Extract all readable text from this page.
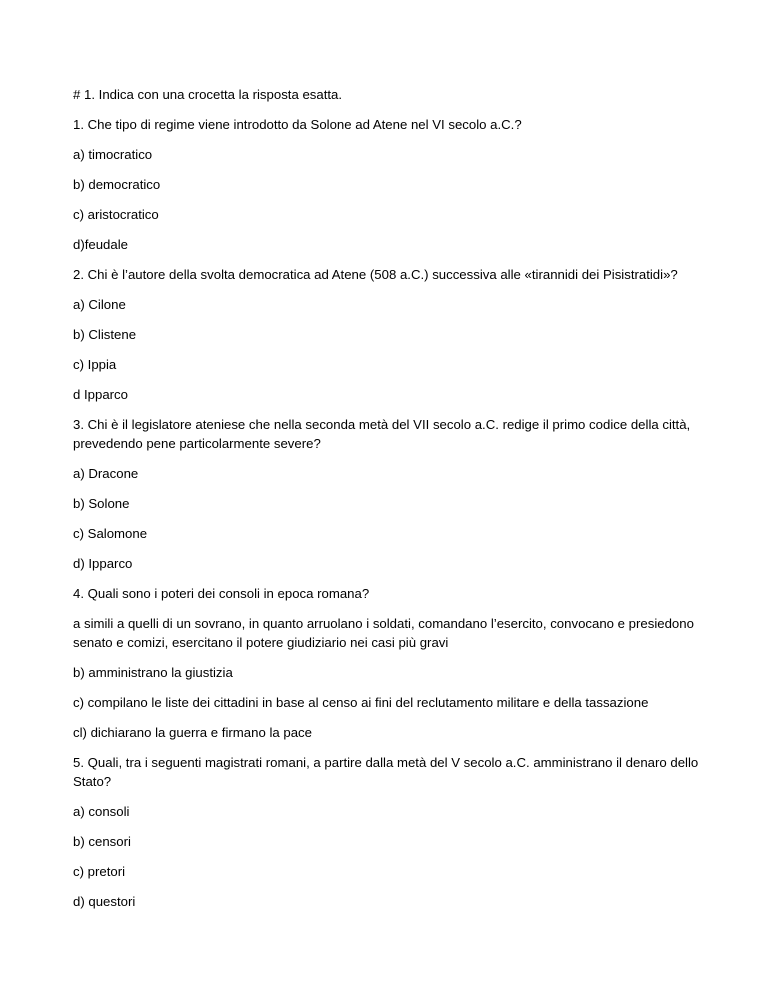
# 1. Indica con una crocetta la risposta esatta.
1. Che tipo di regime viene introdotto da Solone ad Atene nel VI secolo a.C.?
a) timocratico
b) democratico
c) aristocratico
d)feudale
2. Chi è l’autore della svolta democratica ad Atene (508 a.C.) successiva alle «tirannidi dei Pisistratidi»?
a) Cilone
b) Clistene
c) Ippia
d Ipparco
3. Chi è il legislatore ateniese che nella seconda metà del VII secolo a.C. redige il primo codice della città, prevedendo pene particolarmente severe?
a) Dracone
b) Solone
c) Salomone
d) Ipparco
4. Quali sono i poteri dei consoli in epoca romana?
a simili a quelli di un sovrano, in quanto arruolano i soldati, comandano l’esercito, convocano e presiedono senato e comizi, esercitano il potere giudiziario nei casi più gravi
b) amministrano la giustizia
c) compilano le liste dei cittadini in base al censo ai fini del reclutamento militare e della tassazione
cl) dichiarano la guerra e firmano la pace
5. Quali, tra i seguenti magistrati romani, a partire dalla metà del V secolo a.C. amministrano il denaro dello Stato?
a) consoli
b) censori
c) pretori
d) questori
